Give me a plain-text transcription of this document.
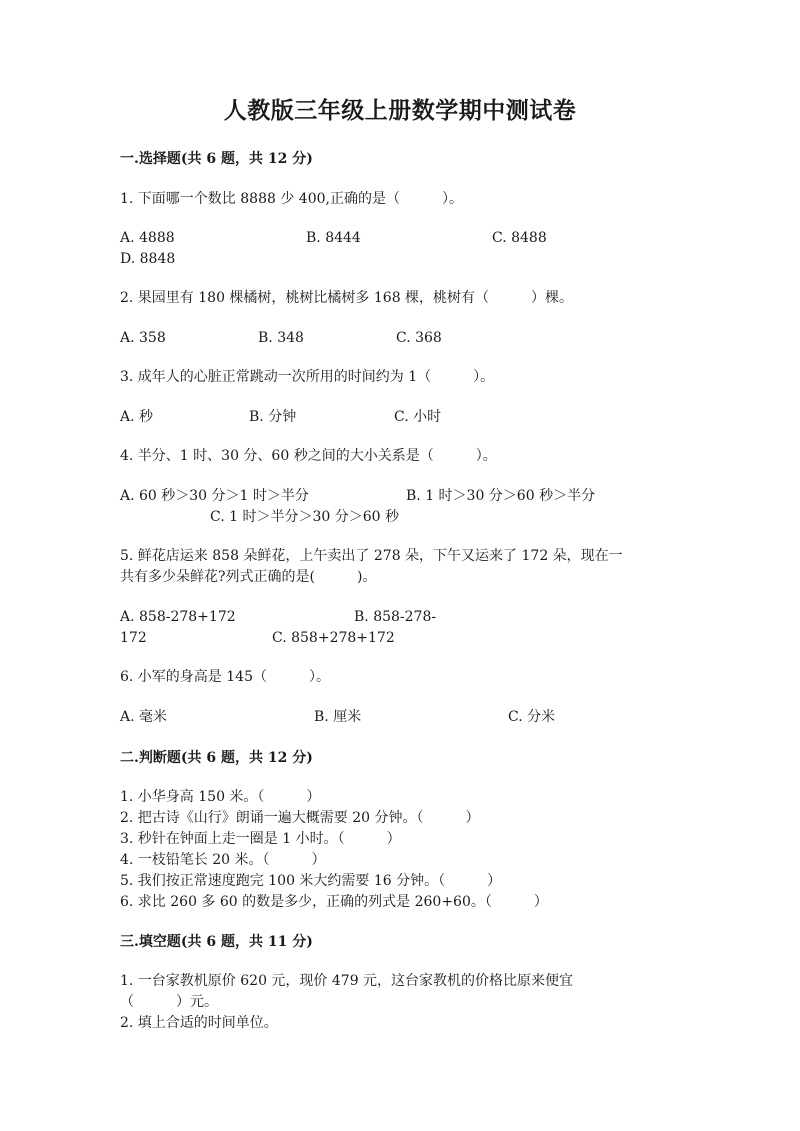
人教版三年级上册数学期中测试卷
一.选择题(共 6 题，共 12 分)
1. 下面哪一个数比 8888 少 400,正确的是（　　　）。
A. 4888	B. 8444	C. 8488
D. 8848
2. 果园里有 180 棵橘树，桃树比橘树多 168 棵，桃树有（　　　）棵。
A. 358	B. 348	C. 368
3. 成年人的心脏正常跳动一次所用的时间约为 1（　　　）。
A. 秒	B. 分钟	C. 小时
4. 半分、1 时、30 分、60 秒之间的大小关系是（　　　）。
A. 60 秒＞30 分＞1 时＞半分	B. 1 时＞30 分＞60 秒＞半分
C. 1 时＞半分＞30 分＞60 秒
5. 鲜花店运来 858 朵鲜花，上午卖出了 278 朵，下午又运来了 172 朵，现在一
共有多少朵鲜花?列式正确的是(　　　)。
A. 858-278+172	B. 858-278-
172	C. 858+278+172
6. 小军的身高是 145（　　　）。
A. 毫米	B. 厘米	C. 分米
二.判断题(共 6 题，共 12 分)
1. 小华身高 150 米。（　　　）
2. 把古诗《山行》朗诵一遍大概需要 20 分钟。（　　　）
3. 秒针在钟面上走一圈是 1 小时。（　　　）
4. 一枝铅笔长 20 米。（　　　）
5. 我们按正常速度跑完 100 米大约需要 16 分钟。（　　　）
6. 求比 260 多 60 的数是多少，正确的列式是 260+60。（　　　）
三.填空题(共 6 题，共 11 分)
1. 一台家教机原价 620 元，现价 479 元，这台家教机的价格比原来便宜
（　　　）元。
2. 填上合适的时间单位。
